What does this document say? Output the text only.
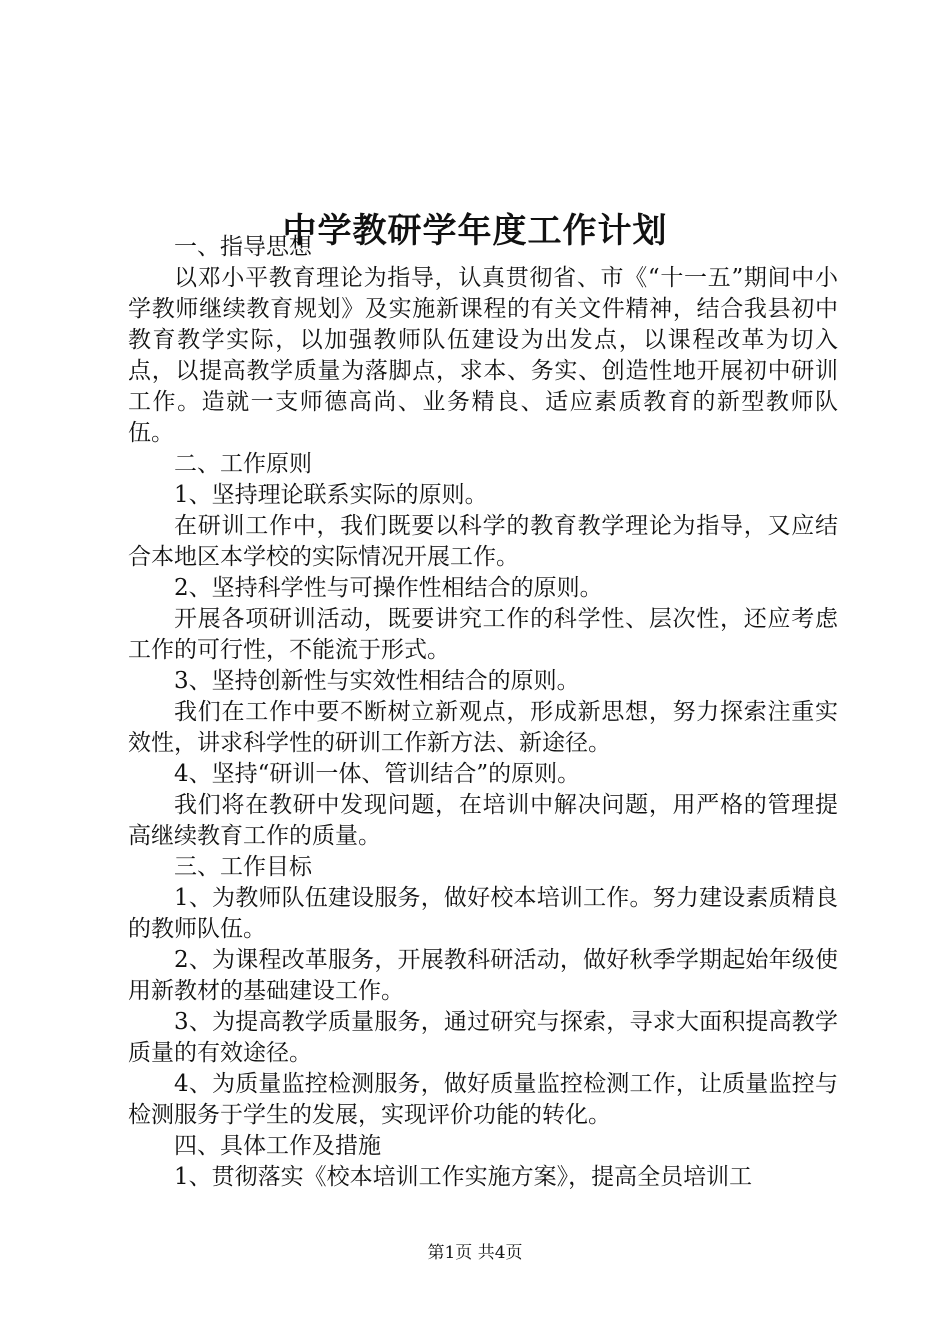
中学教研学年度工作计划

一、指导思想

以邓小平教育理论为指导，认真贯彻省、市《“十一五”期间中小学教师继续教育规划》及实施新课程的有关文件精神，结合我县初中教育教学实际，以加强教师队伍建设为出发点，以课程改革为切入点，以提高教学质量为落脚点，求本、务实、创造性地开展初中研训工作。造就一支师德高尚、业务精良、适应素质教育的新型教师队伍。

二、工作原则

1、坚持理论联系实际的原则。

在研训工作中，我们既要以科学的教育教学理论为指导，又应结合本地区本学校的实际情况开展工作。

2、坚持科学性与可操作性相结合的原则。

开展各项研训活动，既要讲究工作的科学性、层次性，还应考虑工作的可行性，不能流于形式。

3、坚持创新性与实效性相结合的原则。

我们在工作中要不断树立新观点，形成新思想，努力探索注重实效性，讲求科学性的研训工作新方法、新途径。

4、坚持“研训一体、管训结合”的原则。

我们将在教研中发现问题，在培训中解决问题，用严格的管理提高继续教育工作的质量。

三、工作目标

1、为教师队伍建设服务，做好校本培训工作。努力建设素质精良的教师队伍。

2、为课程改革服务，开展教科研活动，做好秋季学期起始年级使用新教材的基础建设工作。

3、为提高教学质量服务，通过研究与探索，寻求大面积提高教学质量的有效途径。

4、为质量监控检测服务，做好质量监控检测工作，让质量监控与检测服务于学生的发展，实现评价功能的转化。

四、具体工作及措施

1、贯彻落实《校本培训工作实施方案》，提高全员培训工

第1页 共4页
